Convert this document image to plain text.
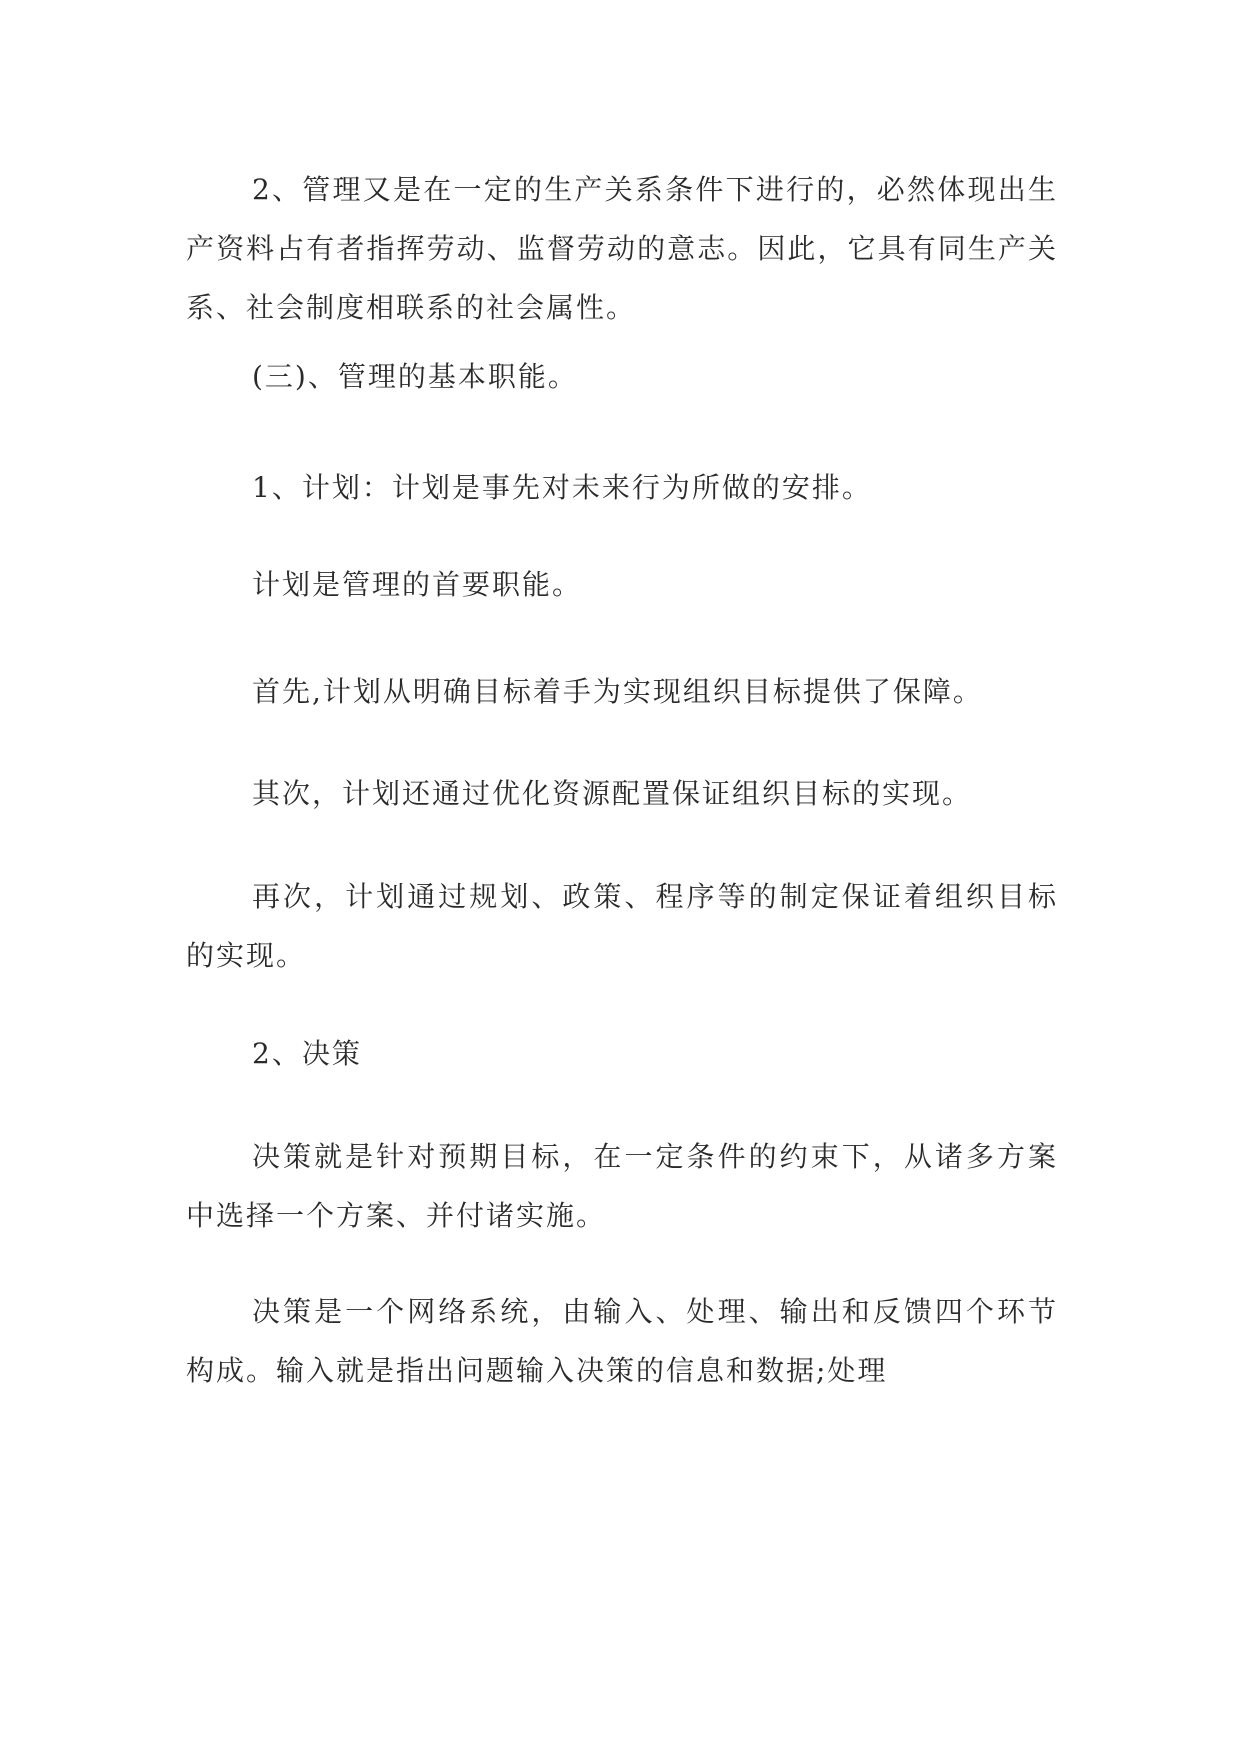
2、管理又是在一定的生产关系条件下进行的，必然体现出生产资料占有者指挥劳动、监督劳动的意志。因此，它具有同生产关系、社会制度相联系的社会属性。

(三)、管理的基本职能。

1、计划：计划是事先对未来行为所做的安排。

计划是管理的首要职能。

首先,计划从明确目标着手为实现组织目标提供了保障。

其次，计划还通过优化资源配置保证组织目标的实现。

再次，计划通过规划、政策、程序等的制定保证着组织目标的实现。

2、决策

决策就是针对预期目标，在一定条件的约束下，从诸多方案中选择一个方案、并付诸实施。

决策是一个网络系统，由输入、处理、输出和反馈四个环节构成。输入就是指出问题输入决策的信息和数据;处理
